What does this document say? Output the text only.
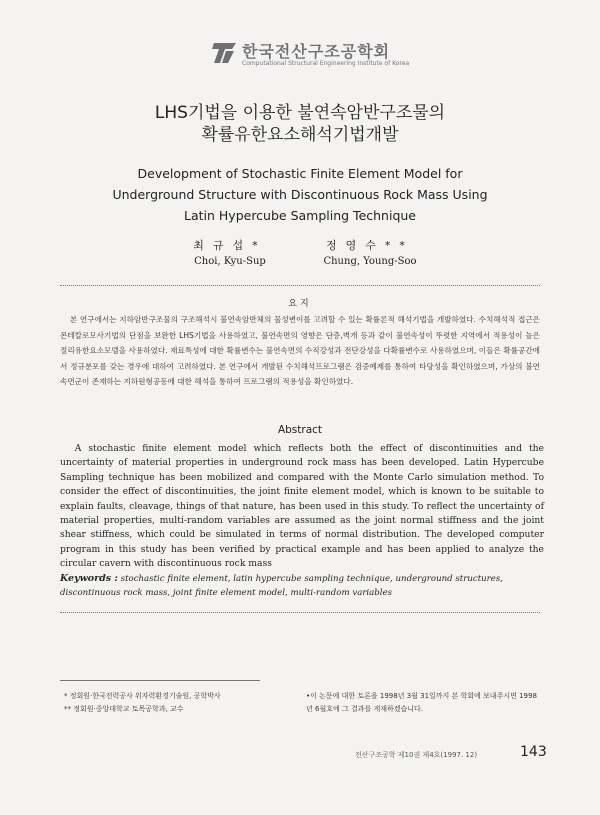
한국전산구조공학회
Computational Structural Engineering Institute of Korea
LHS기법을 이용한 불연속암반구조물의
확률유한요소해석기법개발
Development of Stochastic Finite Element Model for
Underground Structure with Discontinuous Rock Mass Using
Latin Hypercube Sampling Technique
최규섭*
Choi, Kyu-Sup
정영수**
Chung, Young-Soo
요지

본 연구에서는 지하암반구조물의 구조해석시 불연속암반체의 물성변이를 고려할 수 있는 확률론적 해석기법을 개발하였다. 수치해석적 접근은 몬테칼로모사기법의 단점을 보완한 LHS기법을 사용하였고, 불연속면의 영향은 단층,벽개 등과 같이 불연속성이 뚜렷한 지역에서 적용성이 높은 절리유한요소모델을 사용하였다. 재료특성에 대한 확률변수는 불연속면의 수직강성과 전단강성을 다확률변수로 사용하였으며, 이들은 확률공간에서 정규분포를 갖는 경우에 대하여 고려하였다. 본 연구에서 개발된 수치해석프로그램은 검증예제를 통하여 타당성을 확인하였으며, 가상의 불연속면군이 존재하는 지하원형공동에 대한 해석을 통하여 프로그램의 적용성을 확인하였다.

Abstract

A stochastic finite element model which reflects both the effect of discontinuities and the uncertainty of material properties in underground rock mass has been developed. Latin Hypercube Sampling technique has been mobilized and compared with the Monte Carlo simulation method. To consider the effect of discontinuities, the joint finite element model, which is known to be suitable to explain faults, cleavage, things of that nature, has been used in this study. To reflect the uncertainty of material properties, multi-random variables are assumed as the joint normal stiffness and the joint shear stiffness, which could be simulated in terms of normal distribution. The developed computer program in this study has been verified by practical example and has been applied to analyze the circular cavern with discontinuous rock mass

Keywords : stochastic finite element, latin hypercube sampling technique, underground structures, discontinuous rock mass, joint finite element model, multi-random variables
* 정회원·한국전력공사 위자력환경기술원, 공학박사
** 정회원·중앙대학교 토목공학과, 교수
•이 논문에 대한 토론을 1998년 3월 31일까지 본 학회에 보내주시면 1998년 6월호에 그 결과를 게재하겠습니다.
전산구조공학 제10권 제4호(1997. 12)	143
